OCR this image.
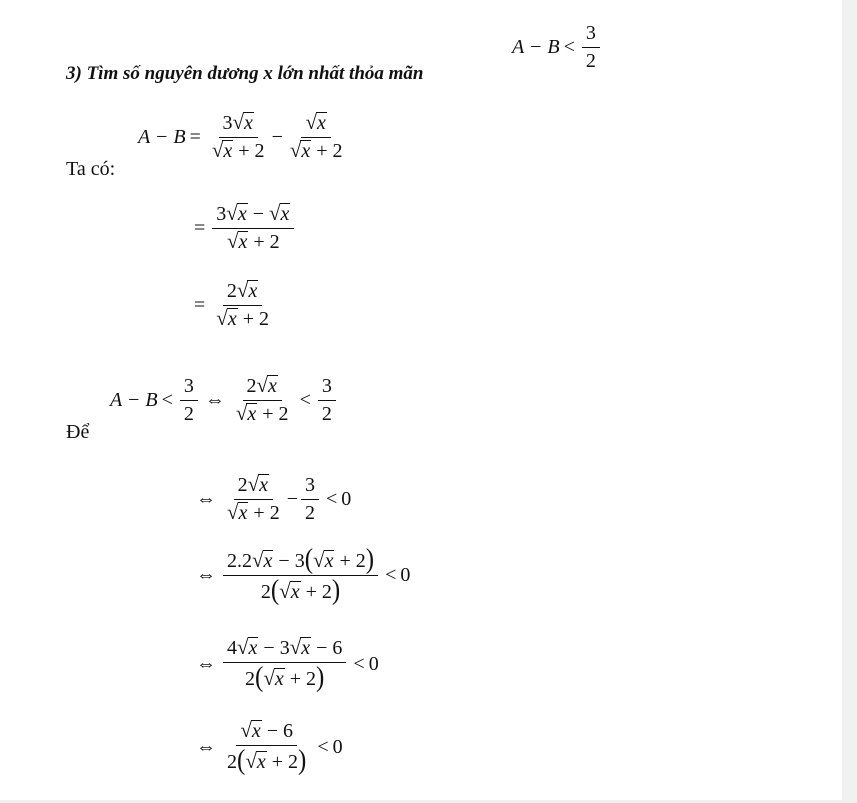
3) Tìm số nguyên dương x lớn nhất thỏa mãn
$A - B < \frac{3}{2}$
Ta có:
$A - B = \frac{3 √ x}{√ x + 2} - \frac{√ x}{√ x + 2}$
= $\frac{3 √ x - √ x}{√ x + 2}$
= $\frac{2 √ x}{√ x + 2}$
Để
$A - B < \frac{3}{2}$ ⇔ $\frac{2 √ x}{√ x + 2} < \frac{3}{2}$
⇔ $\frac{2 √ x}{√ x + 2} - \frac{3}{2} < 0$
⇔ $\frac{2.2 √ x - 3( √ x + 2)}{2( √ x + 2)} < 0$
⇔ $\frac{4 √ x - 3 √ x - 6}{2( √ x + 2)} < 0$
⇔ $\frac{√ x - 6}{2( √ x + 2)} < 0$
